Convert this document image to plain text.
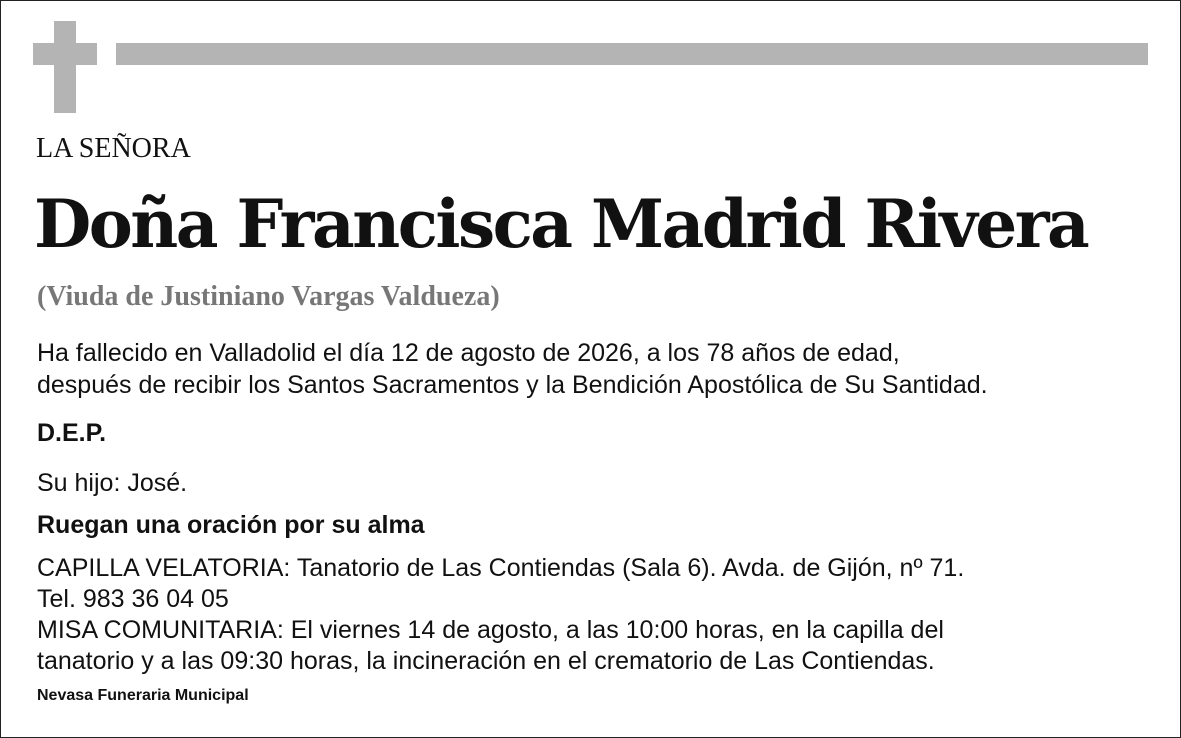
LA SEÑORA
Doña Francisca Madrid Rivera
(Viuda de Justiniano Vargas Valdueza)
Ha fallecido en Valladolid el día 12 de agosto de 2026, a los 78 años de edad,
después de recibir los Santos Sacramentos y la Bendición Apostólica de Su Santidad.
D.E.P.
Su hijo: José.
Ruegan una oración por su alma
CAPILLA VELATORIA: Tanatorio de Las Contiendas (Sala 6). Avda. de Gijón, nº 71.
Tel. 983 36 04 05
MISA COMUNITARIA: El viernes 14 de agosto, a las 10:00 horas, en la capilla del
tanatorio y a las 09:30 horas, la incineración en el crematorio de Las Contiendas.
Nevasa Funeraria Municipal
